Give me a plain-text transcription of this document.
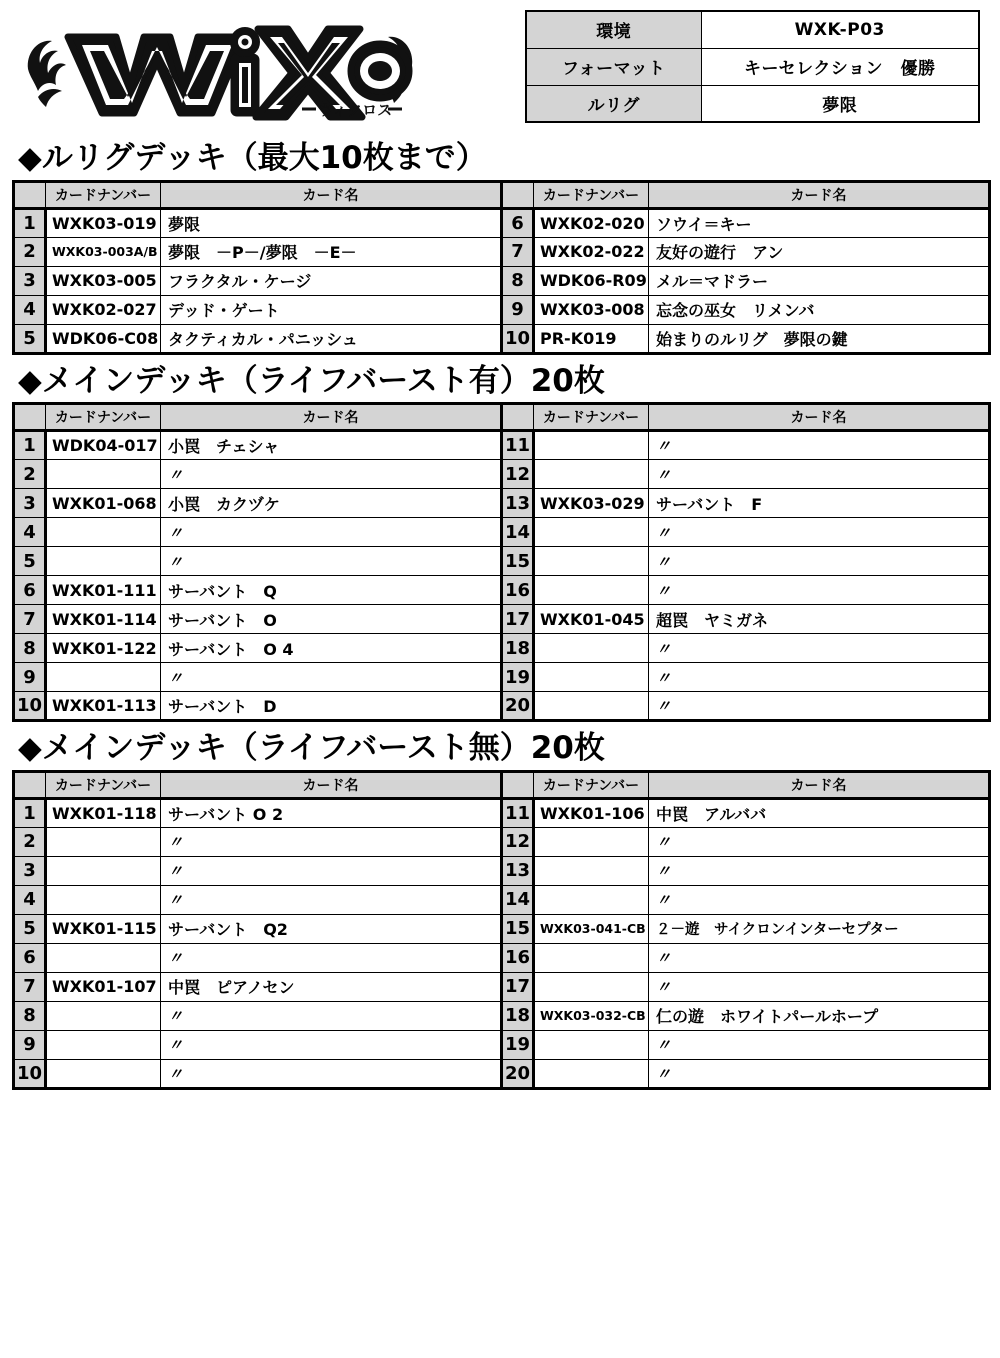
ウィクロス
環境	WXK-P03
フォーマット	キーセレクション　優勝
ルリグ	夢限
◆ルリグデッキ（最大10枚まで）
	カードナンバー	カード名		カードナンバー	カード名
1	WXK03-019	夢限	6	WXK02-020	ソウイ＝キー
2	WXK03-003A/B	夢限　－P－/夢限　－E－	7	WXK02-022	友好の遊行　アン
3	WXK03-005	フラクタル・ケージ	8	WDK06-R09	メル＝マドラー
4	WXK02-027	デッド・ゲート	9	WXK03-008	忘念の巫女　リメンバ
5	WDK06-C08	タクティカル・パニッシュ	10	PR-K019	始まりのルリグ　夢限の鍵
◆メインデッキ（ライフバースト有）20枚
	カードナンバー	カード名		カードナンバー	カード名
1	WDK04-017	小罠　チェシャ	11		〃
2		〃	12		〃
3	WXK01-068	小罠　カクヅケ	13	WXK03-029	サーバント　F
4		〃	14		〃
5		〃	15		〃
6	WXK01-111	サーバント　Q	16		〃
7	WXK01-114	サーバント　O	17	WXK01-045	超罠　ヤミガネ
8	WXK01-122	サーバント　O 4	18		〃
9		〃	19		〃
10	WXK01-113	サーバント　D	20		〃
◆メインデッキ（ライフバースト無）20枚
	カードナンバー	カード名		カードナンバー	カード名
1	WXK01-118	サーバント O 2	11	WXK01-106	中罠　アルババ
2		〃	12		〃
3		〃	13		〃
4		〃	14		〃
5	WXK01-115	サーバント　Q2	15	WXK03-041-CB	２－遊　サイクロンインターセプター
6		〃	16		〃
7	WXK01-107	中罠　ピアノセン	17		〃
8		〃	18	WXK03-032-CB	仁の遊　ホワイトパールホープ
9		〃	19		〃
10		〃	20		〃
